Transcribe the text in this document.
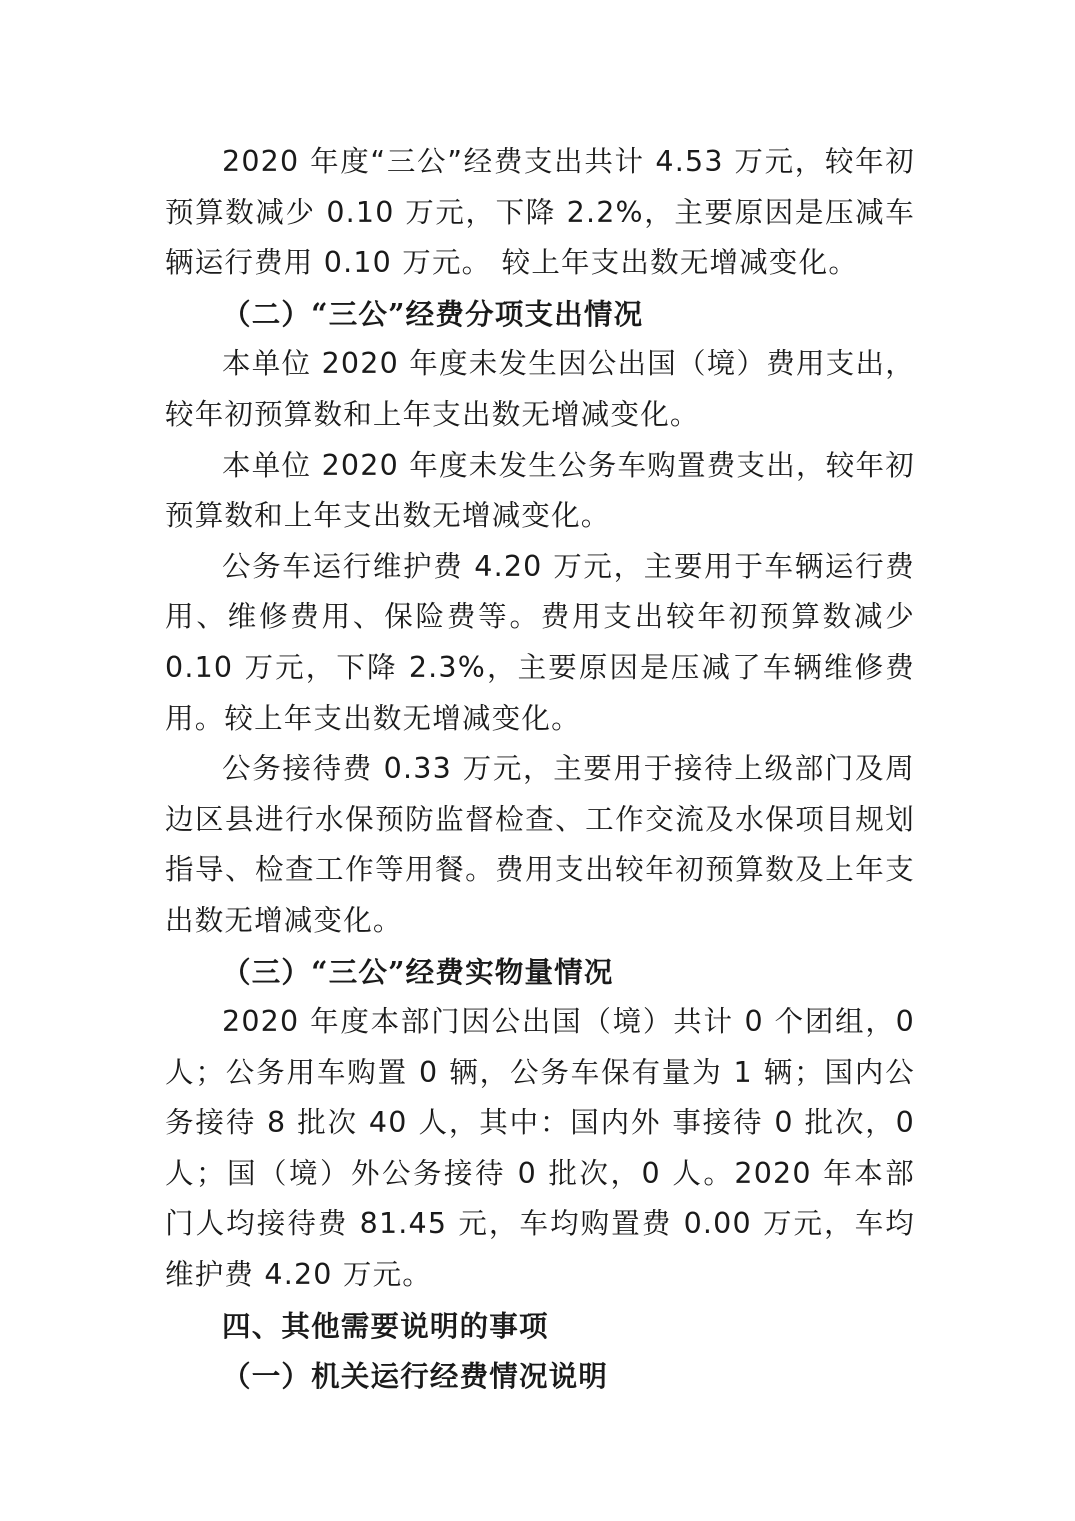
2020 年度“三公”经费支出共计 4.53 万元，较年初预算数减少 0.10 万元，下降 2.2%，主要原因是压减车辆运行费用 0.10 万元。 较上年支出数无增减变化。

（二）“三公”经费分项支出情况

本单位 2020 年度未发生因公出国（境）费用支出，较年初预算数和上年支出数无增减变化。

本单位 2020 年度未发生公务车购置费支出，较年初预算数和上年支出数无增减变化。

公务车运行维护费 4.20 万元，主要用于车辆运行费用、维修费用、保险费等。费用支出较年初预算数减少 0.10 万元，下降 2.3%，主要原因是压减了车辆维修费用。较上年支出数无增减变化。

公务接待费 0.33 万元，主要用于接待上级部门及周边区县进行水保预防监督检查、工作交流及水保项目规划指导、检查工作等用餐。费用支出较年初预算数及上年支出数无增减变化。

（三）“三公”经费实物量情况

2020 年度本部门因公出国（境）共计 0 个团组，0 人；公务用车购置 0 辆，公务车保有量为 1 辆；国内公务接待 8 批次 40 人，其中：国内外 事接待 0 批次，0 人；国（境）外公务接待 0 批次，0 人。2020 年本部门人均接待费 81.45 元，车均购置费 0.00 万元，车均维护费 4.20 万元。

四、其他需要说明的事项

（一）机关运行经费情况说明
